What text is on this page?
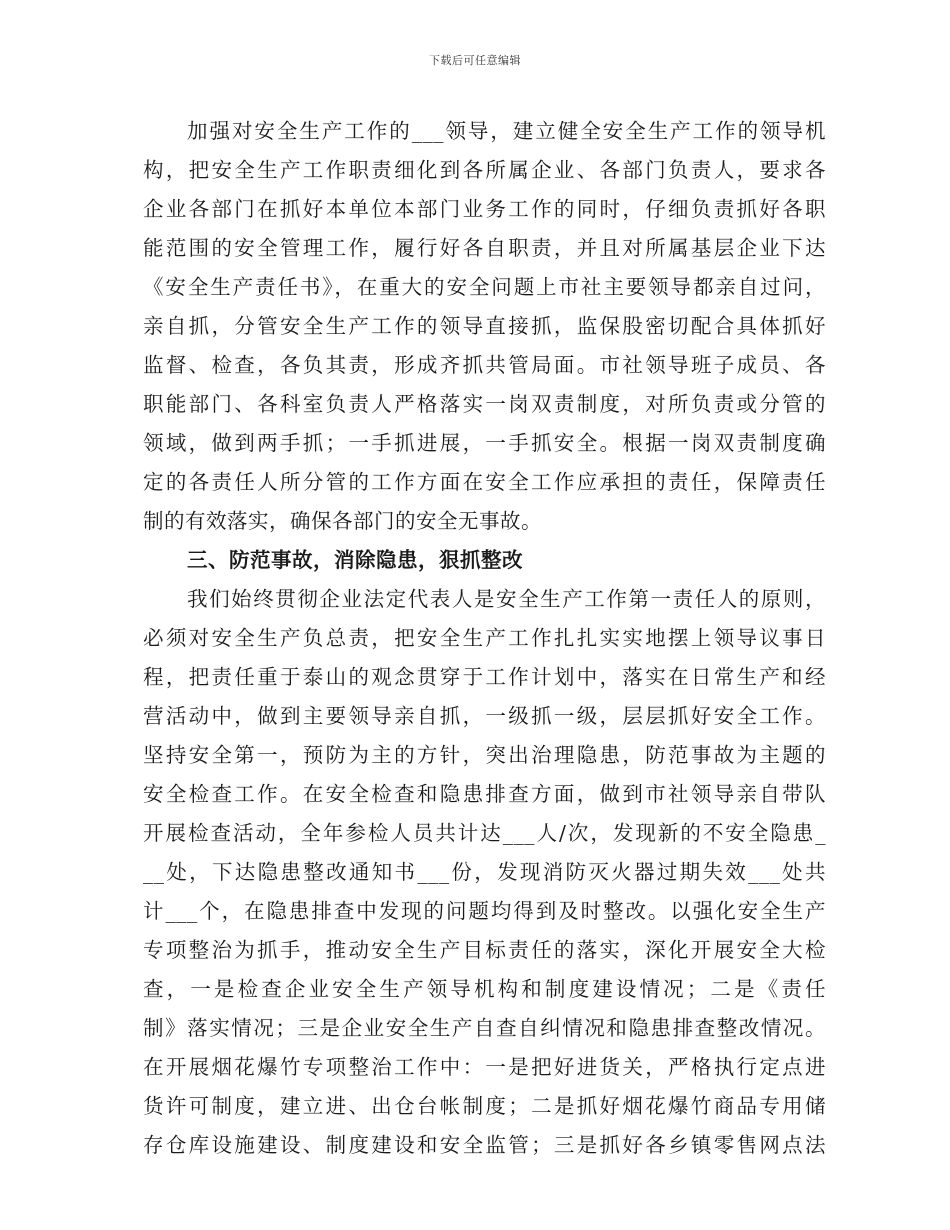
下载后可任意编辑
加强对安全生产工作的___领导，建立健全安全生产工作的领导机
构，把安全生产工作职责细化到各所属企业、各部门负责人，要求各
企业各部门在抓好本单位本部门业务工作的同时，仔细负责抓好各职
能范围的安全管理工作，履行好各自职责，并且对所属基层企业下达
《安全生产责任书》，在重大的安全问题上市社主要领导都亲自过问，
亲自抓，分管安全生产工作的领导直接抓，监保股密切配合具体抓好
监督、检查，各负其责，形成齐抓共管局面。市社领导班子成员、各
职能部门、各科室负责人严格落实一岗双责制度，对所负责或分管的
领域，做到两手抓；一手抓进展，一手抓安全。根据一岗双责制度确
定的各责任人所分管的工作方面在安全工作应承担的责任，保障责任
制的有效落实，确保各部门的安全无事故。
三、防范事故，消除隐患，狠抓整改
我们始终贯彻企业法定代表人是安全生产工作第一责任人的原则，
必须对安全生产负总责，把安全生产工作扎扎实实地摆上领导议事日
程，把责任重于泰山的观念贯穿于工作计划中，落实在日常生产和经
营活动中，做到主要领导亲自抓，一级抓一级，层层抓好安全工作。
坚持安全第一，预防为主的方针，突出治理隐患，防范事故为主题的
安全检查工作。在安全检查和隐患排查方面，做到市社领导亲自带队
开展检查活动，全年参检人员共计达___人/次，发现新的不安全隐患_
__处，下达隐患整改通知书___份，发现消防灭火器过期失效___处共
计___个，在隐患排查中发现的问题均得到及时整改。以强化安全生产
专项整治为抓手，推动安全生产目标责任的落实，深化开展安全大检
查，一是检查企业安全生产领导机构和制度建设情况；二是《责任
制》落实情况；三是企业安全生产自查自纠情况和隐患排查整改情况。
在开展烟花爆竹专项整治工作中：一是把好进货关，严格执行定点进
货许可制度，建立进、出仓台帐制度；二是抓好烟花爆竹商品专用储
存仓库设施建设、制度建设和安全监管；三是抓好各乡镇零售网点法
